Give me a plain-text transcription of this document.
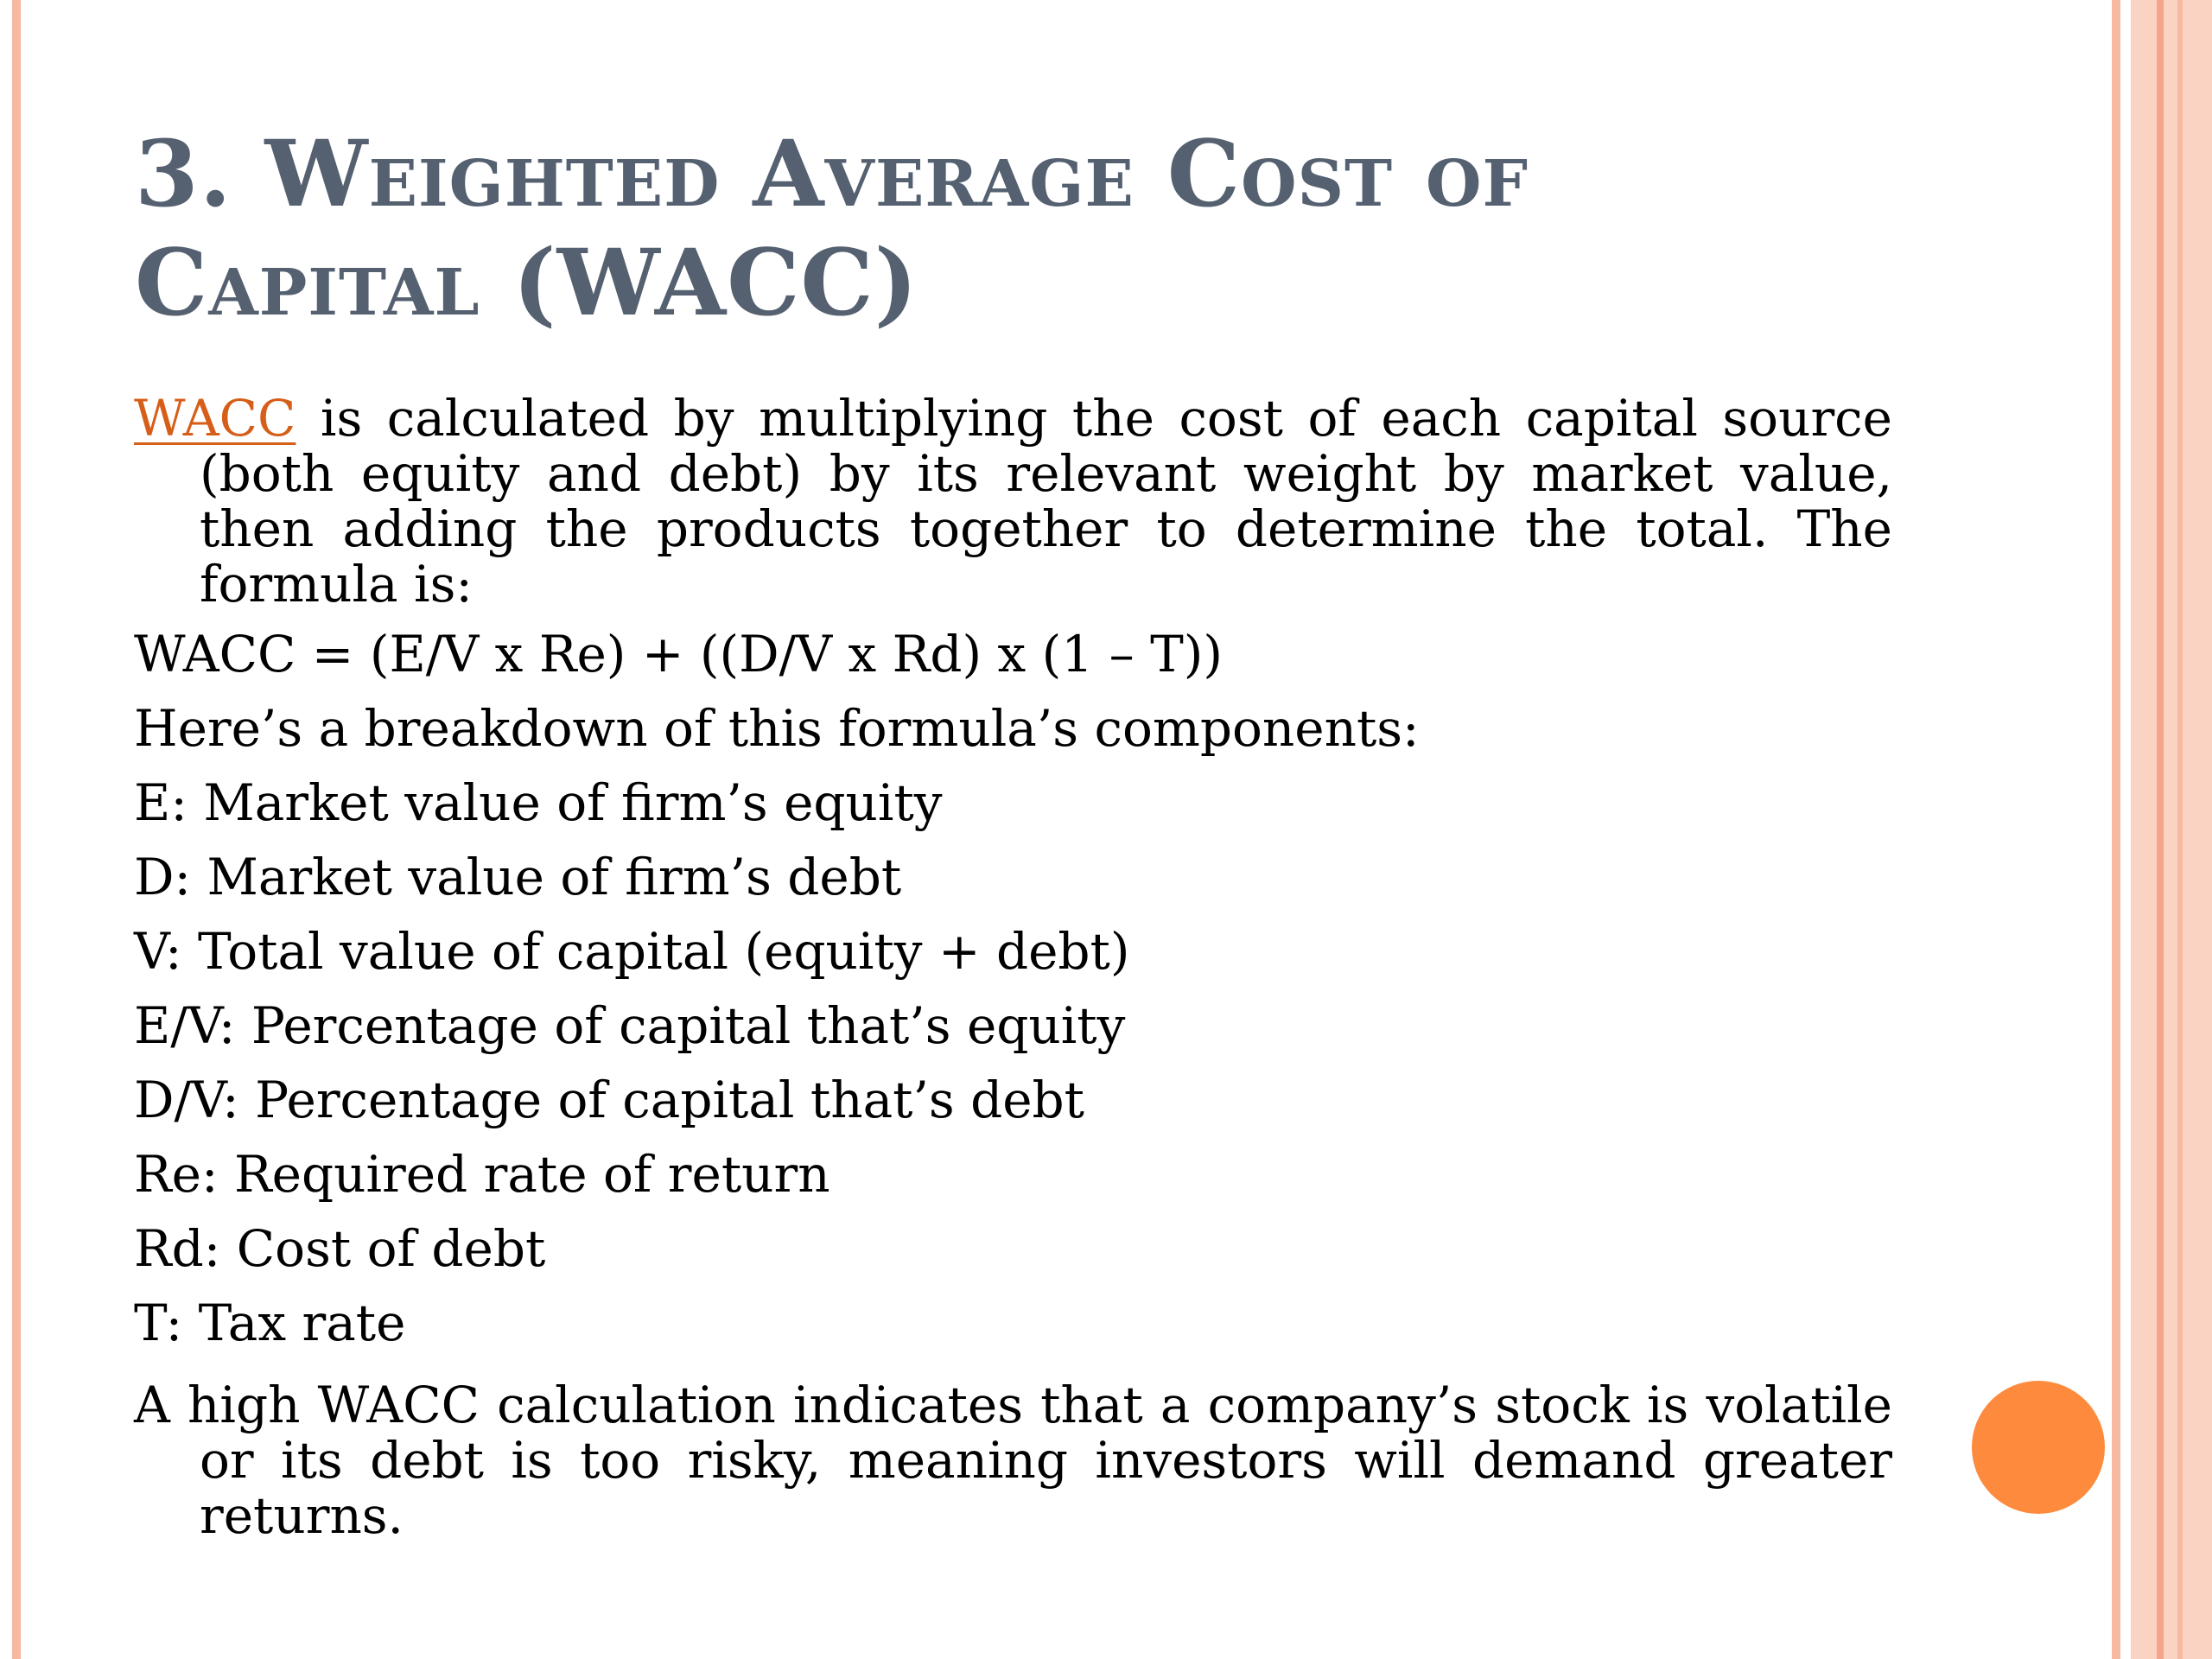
3. Weighted Average Cost of
Capital (WACC)

WACC is calculated by multiplying the cost of each capital source (both equity and debt) by its relevant weight by market value, then adding the products together to determine the total. The formula is:

WACC = (E/V x Re) + ((D/V x Rd) x (1 – T))

Here’s a breakdown of this formula’s components:

E: Market value of firm’s equity

D: Market value of firm’s debt

V: Total value of capital (equity + debt)

E/V: Percentage of capital that’s equity

D/V: Percentage of capital that’s debt

Re: Required rate of return

Rd: Cost of debt

T: Tax rate

A high WACC calculation indicates that a company’s stock is volatile or its debt is too risky, meaning investors will demand greater returns.
